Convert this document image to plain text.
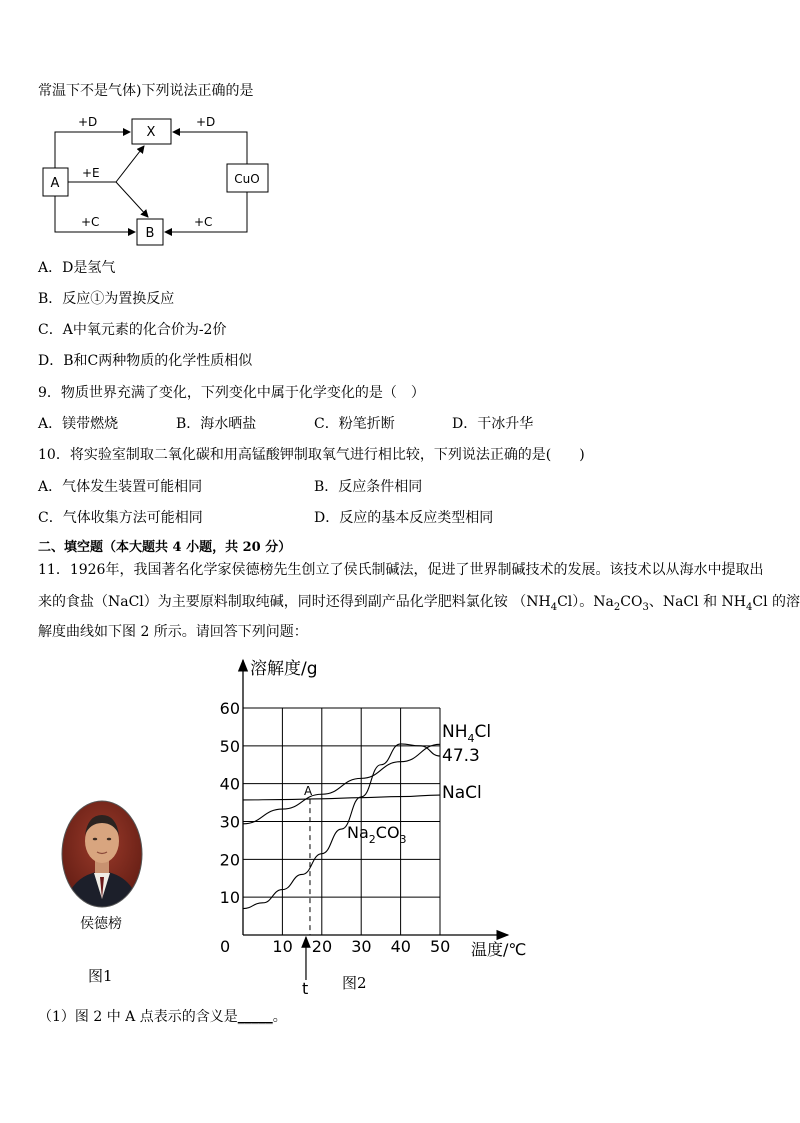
常温下不是气体)下列说法正确的是
X
A
B
CuO
+D	+D
+E
+C	+C
A．D是氢气
B．反应①为置换反应
C．A中氧元素的化合价为-2价
D．B和C两种物质的化学性质相似
9．物质世界充满了变化，下列变化中属于化学变化的是（　）
A．镁带燃烧	B．海水晒盐	C．粉笔折断	D．干冰升华
10．将实验室制取二氧化碳和用高锰酸钾制取氧气进行相比较，下列说法正确的是(　　)
A．气体发生装置可能相同	B．反应条件相同
C．气体收集方法可能相同	D．反应的基本反应类型相同
二、填空题（本大题共 4 小题，共 20 分）
11．1926年，我国著名化学家侯德榜先生创立了侯氏制碱法，促进了世界制碱技术的发展。该技术以从海水中提取出
来的食盐（NaCl）为主要原料制取纯碱，同时还得到副产品化学肥料氯化铵 $(NH_4Cl)$。$Na_2CO_3$、NaCl 和 $NH_4Cl$ 的溶
解度曲线如下图 2 所示。请回答下列问题：
侯德榜
图1
溶解度/g
温度/℃
0	10 20 30 40 50
10
20
30
40
50
60
A
t
47.3
$NH_4Cl$
NaCl
$Na_2CO_3$
图2
（1）图 2 中 A 点表示的含义是_____。
